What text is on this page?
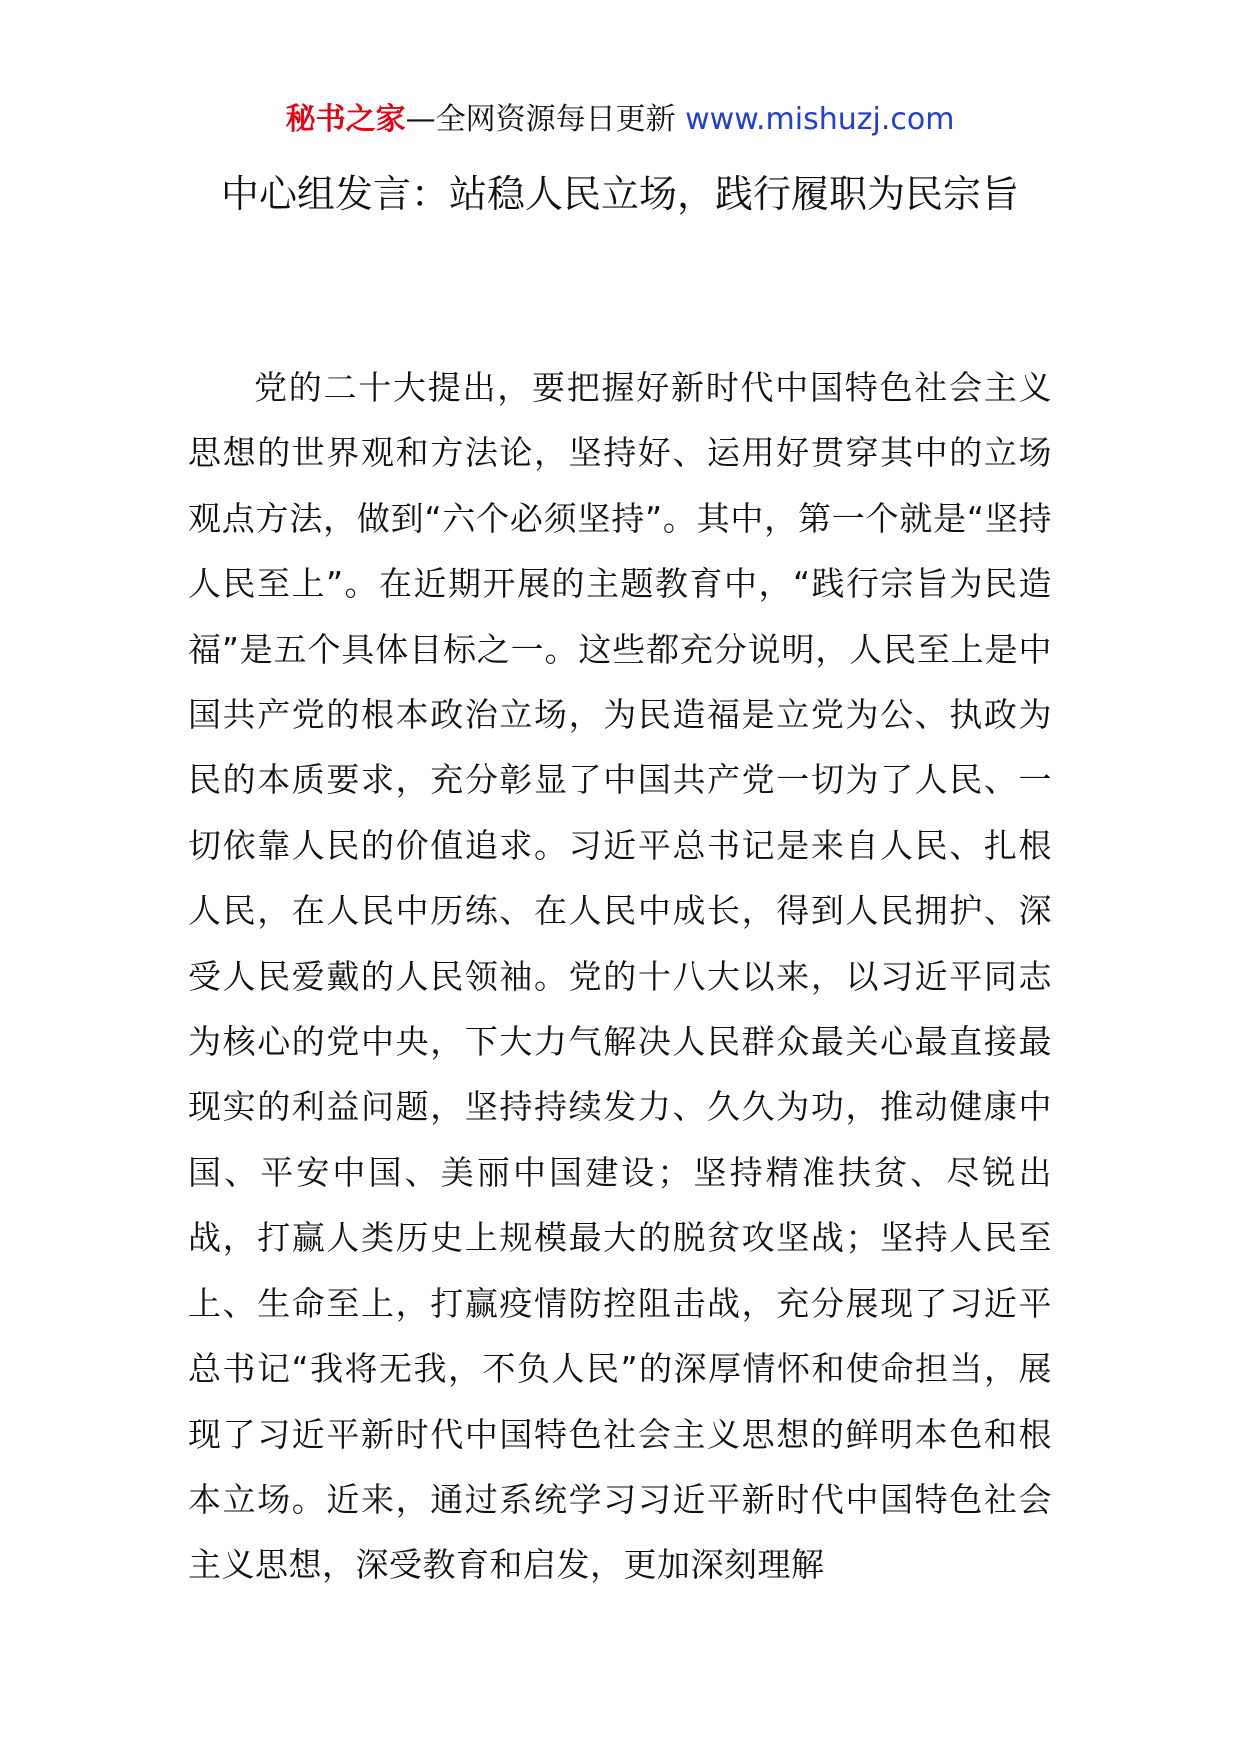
秘书之家—全网资源每日更新 www.mishuzj.com
中心组发言：站稳人民立场，践行履职为民宗旨

党的二十大提出，要把握好新时代中国特色社会主义思想的世界观和方法论，坚持好、运用好贯穿其中的立场观点方法，做到“六个必须坚持”。其中，第一个就是“坚持人民至上”。在近期开展的主题教育中，“践行宗旨为民造福”是五个具体目标之一。这些都充分说明，人民至上是中国共产党的根本政治立场，为民造福是立党为公、执政为民的本质要求，充分彰显了中国共产党一切为了人民、一切依靠人民的价值追求。习近平总书记是来自人民、扎根人民，在人民中历练、在人民中成长，得到人民拥护、深受人民爱戴的人民领袖。党的十八大以来，以习近平同志为核心的党中央，下大力气解决人民群众最关心最直接最现实的利益问题，坚持持续发力、久久为功，推动健康中国、平安中国、美丽中国建设；坚持精准扶贫、尽锐出战，打赢人类历史上规模最大的脱贫攻坚战；坚持人民至上、生命至上，打赢疫情防控阻击战，充分展现了习近平总书记“我将无我，不负人民”的深厚情怀和使命担当，展现了习近平新时代中国特色社会主义思想的鲜明本色和根本立场。近来，通过系统学习习近平新时代中国特色社会主义思想，深受教育和启发，更加深刻理解
